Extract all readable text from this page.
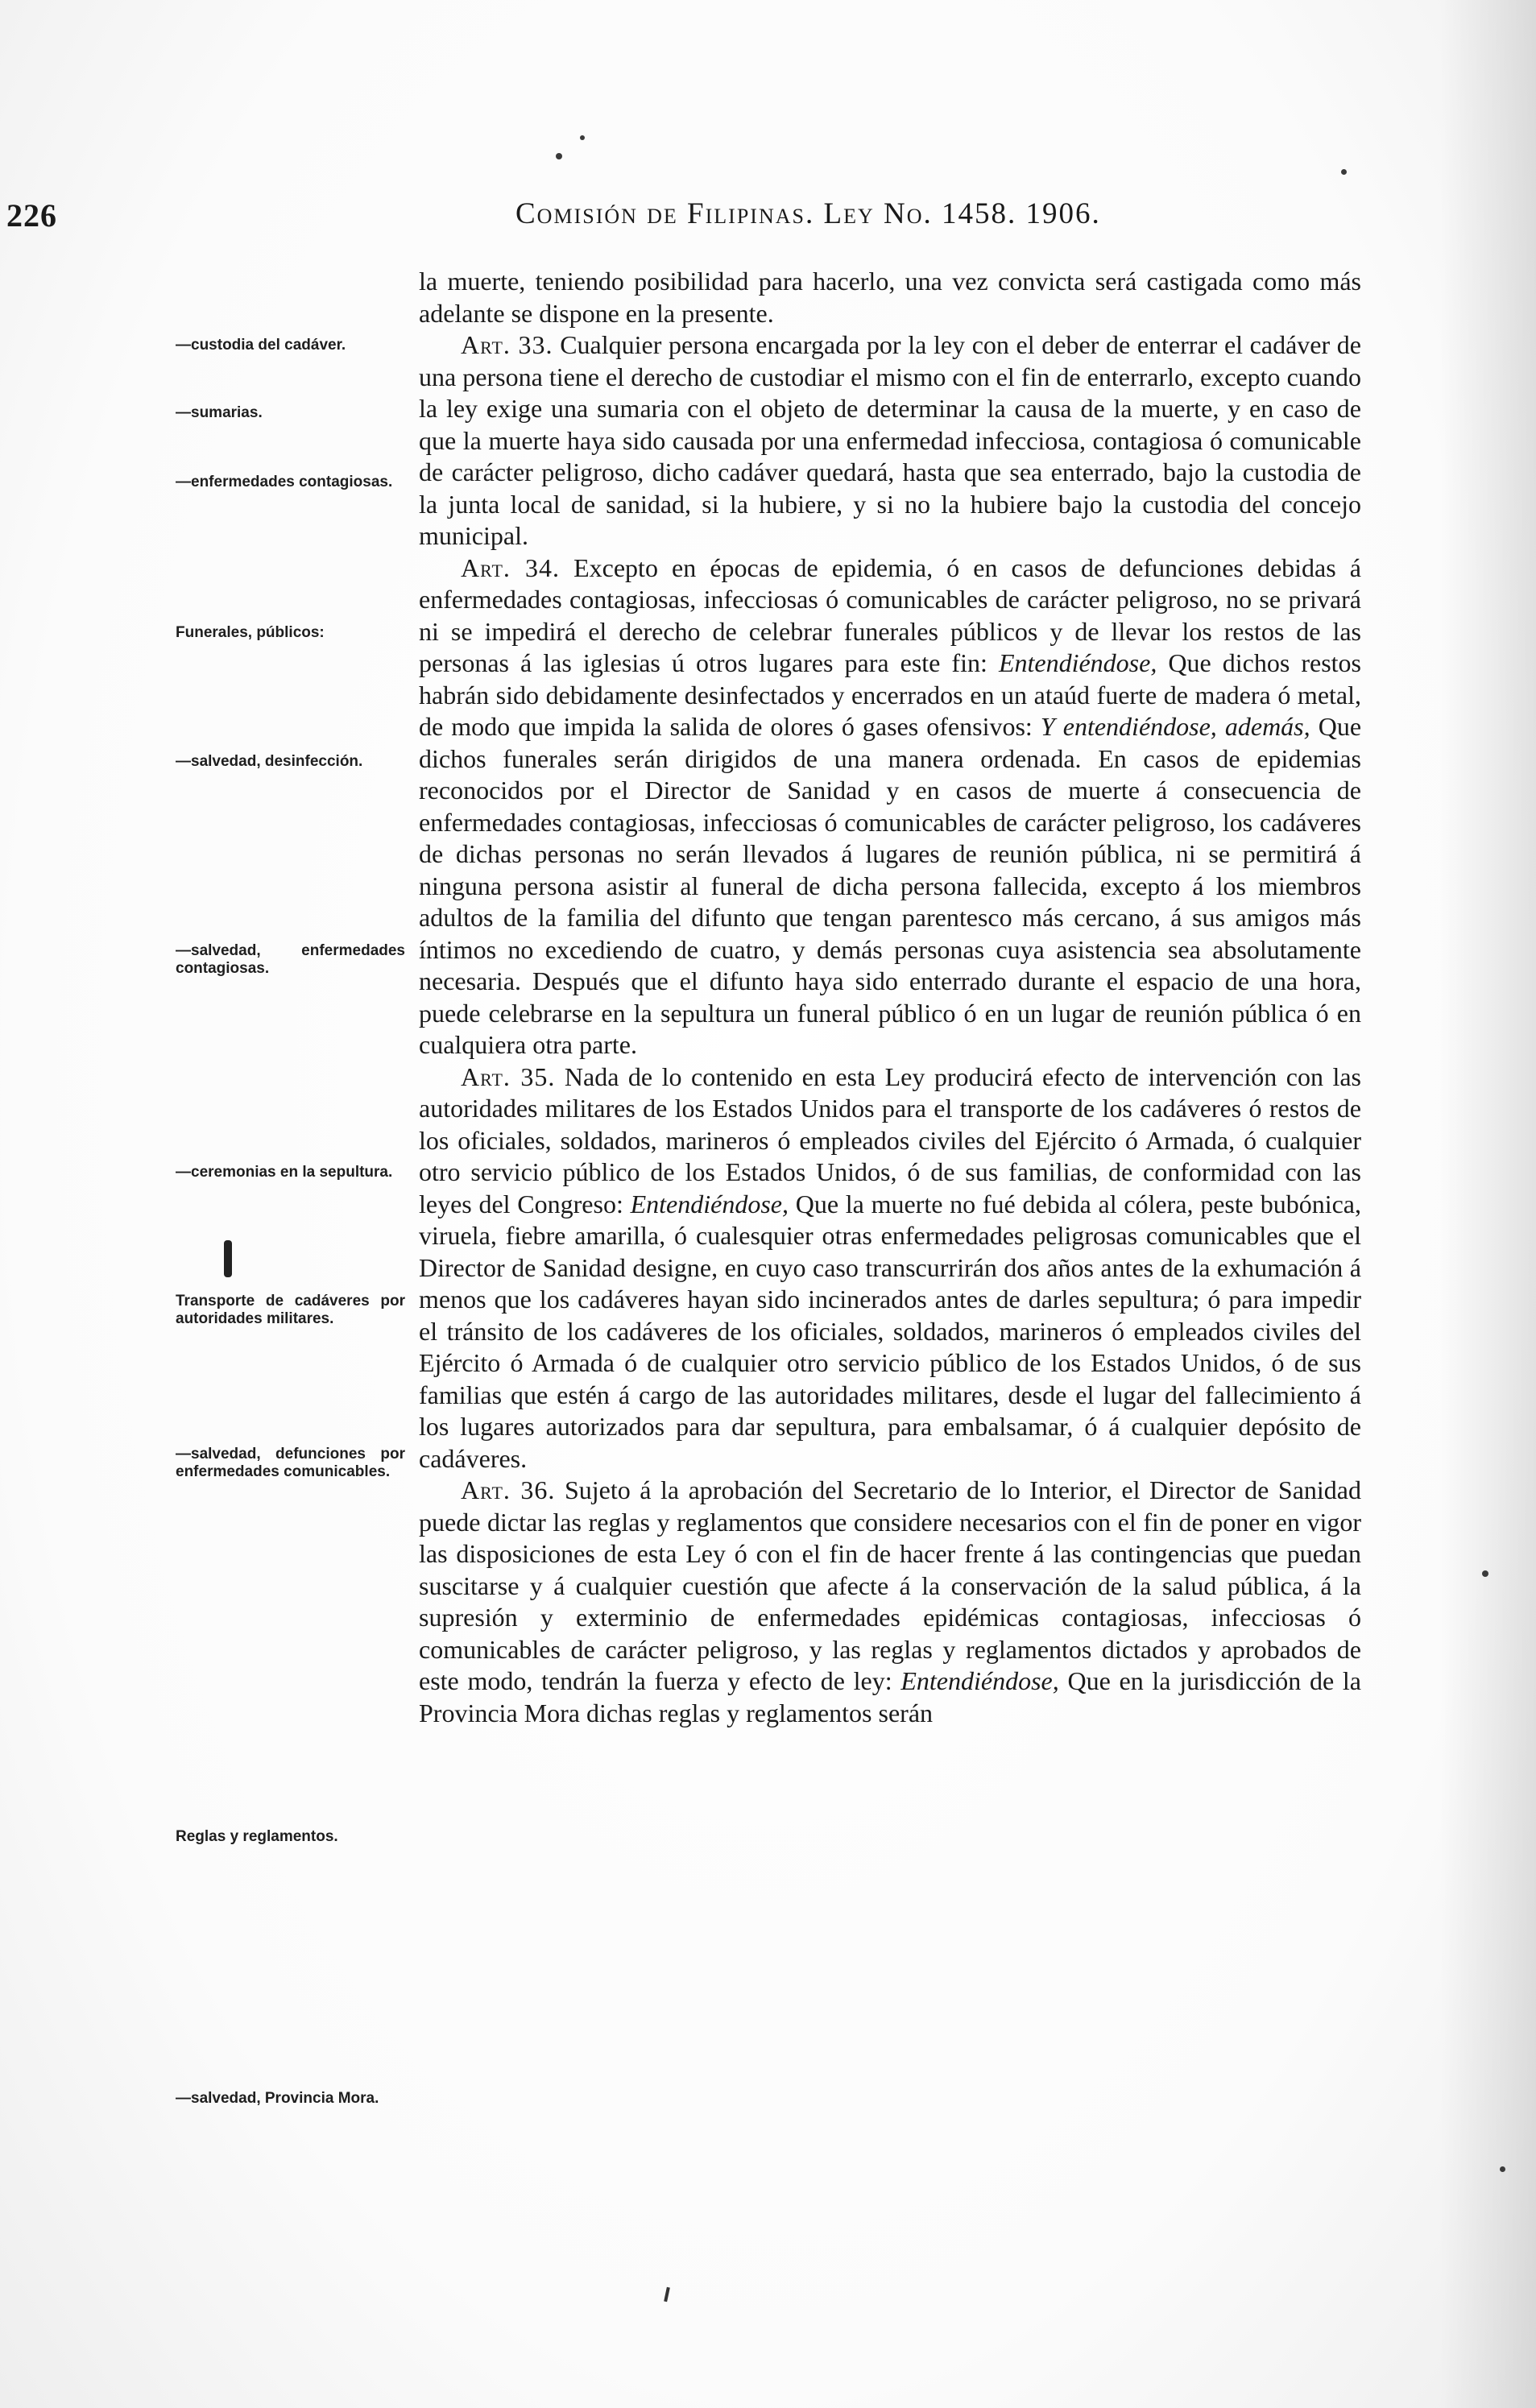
226	Comisión de Filipinas. Ley No. 1458. 1906.
—custodia del cadáver.
—sumarias.
—enfermedades contagiosas.
Funerales, públicos:
—salvedad, desinfección.
—salvedad, enfermedades contagiosas.
—ceremonias en la sepultura.
Transporte de cadáveres por autoridades militares.
—salvedad, defunciones por enfermedades comunicables.
Reglas y reglamentos.
—salvedad, Provincia Mora.

la muerte, teniendo posibilidad para hacerlo, una vez convicta será castigada como más adelante se dispone en la presente.

Art. 33. Cualquier persona encargada por la ley con el deber de enterrar el cadáver de una persona tiene el derecho de custodiar el mismo con el fin de enterrarlo, excepto cuando la ley exige una sumaria con el objeto de determinar la causa de la muerte, y en caso de que la muerte haya sido causada por una enfermedad infecciosa, contagiosa ó comunicable de carácter peligroso, dicho cadáver quedará, hasta que sea enterrado, bajo la custodia de la junta local de sanidad, si la hubiere, y si no la hubiere bajo la custodia del concejo municipal.

Art. 34. Excepto en épocas de epidemia, ó en casos de defunciones debidas á enfermedades contagiosas, infecciosas ó comunicables de carácter peligroso, no se privará ni se impedirá el derecho de celebrar funerales públicos y de llevar los restos de las personas á las iglesias ú otros lugares para este fin: Entendiéndose, Que dichos restos habrán sido debidamente desinfectados y encerrados en un ataúd fuerte de madera ó metal, de modo que impida la salida de olores ó gases ofensivos: Y entendiéndose, además, Que dichos funerales serán dirigidos de una manera ordenada. En casos de epidemias reconocidos por el Director de Sanidad y en casos de muerte á consecuencia de enfermedades contagiosas, infecciosas ó comunicables de carácter peligroso, los cadáveres de dichas personas no serán llevados á lugares de reunión pública, ni se permitirá á ninguna persona asistir al funeral de dicha persona fallecida, excepto á los miembros adultos de la familia del difunto que tengan parentesco más cercano, á sus amigos más íntimos no excediendo de cuatro, y demás personas cuya asistencia sea absolutamente necesaria. Después que el difunto haya sido enterrado durante el espacio de una hora, puede celebrarse en la sepultura un funeral público ó en un lugar de reunión pública ó en cualquiera otra parte.

Art. 35. Nada de lo contenido en esta Ley producirá efecto de intervención con las autoridades militares de los Estados Unidos para el transporte de los cadáveres ó restos de los oficiales, soldados, marineros ó empleados civiles del Ejército ó Armada, ó cualquier otro servicio público de los Estados Unidos, ó de sus familias, de conformidad con las leyes del Congreso: Entendiéndose, Que la muerte no fué debida al cólera, peste bubónica, viruela, fiebre amarilla, ó cualesquier otras enfermedades peligrosas comunicables que el Director de Sanidad designe, en cuyo caso transcurrirán dos años antes de la exhumación á menos que los cadáveres hayan sido incinerados antes de darles sepultura; ó para impedir el tránsito de los cadáveres de los oficiales, soldados, marineros ó empleados civiles del Ejército ó Armada ó de cualquier otro servicio público de los Estados Unidos, ó de sus familias que estén á cargo de las autoridades militares, desde el lugar del fallecimiento á los lugares autorizados para dar sepultura, para embalsamar, ó á cualquier depósito de cadáveres.

Art. 36. Sujeto á la aprobación del Secretario de lo Interior, el Director de Sanidad puede dictar las reglas y reglamentos que considere necesarios con el fin de poner en vigor las disposiciones de esta Ley ó con el fin de hacer frente á las contingencias que puedan suscitarse y á cualquier cuestión que afecte á la conservación de la salud pública, á la supresión y exterminio de enfermedades epidémicas contagiosas, infecciosas ó comunicables de carácter peligroso, y las reglas y reglamentos dictados y aprobados de este modo, tendrán la fuerza y efecto de ley: Entendiéndose, Que en la jurisdicción de la Provincia Mora dichas reglas y reglamentos serán
